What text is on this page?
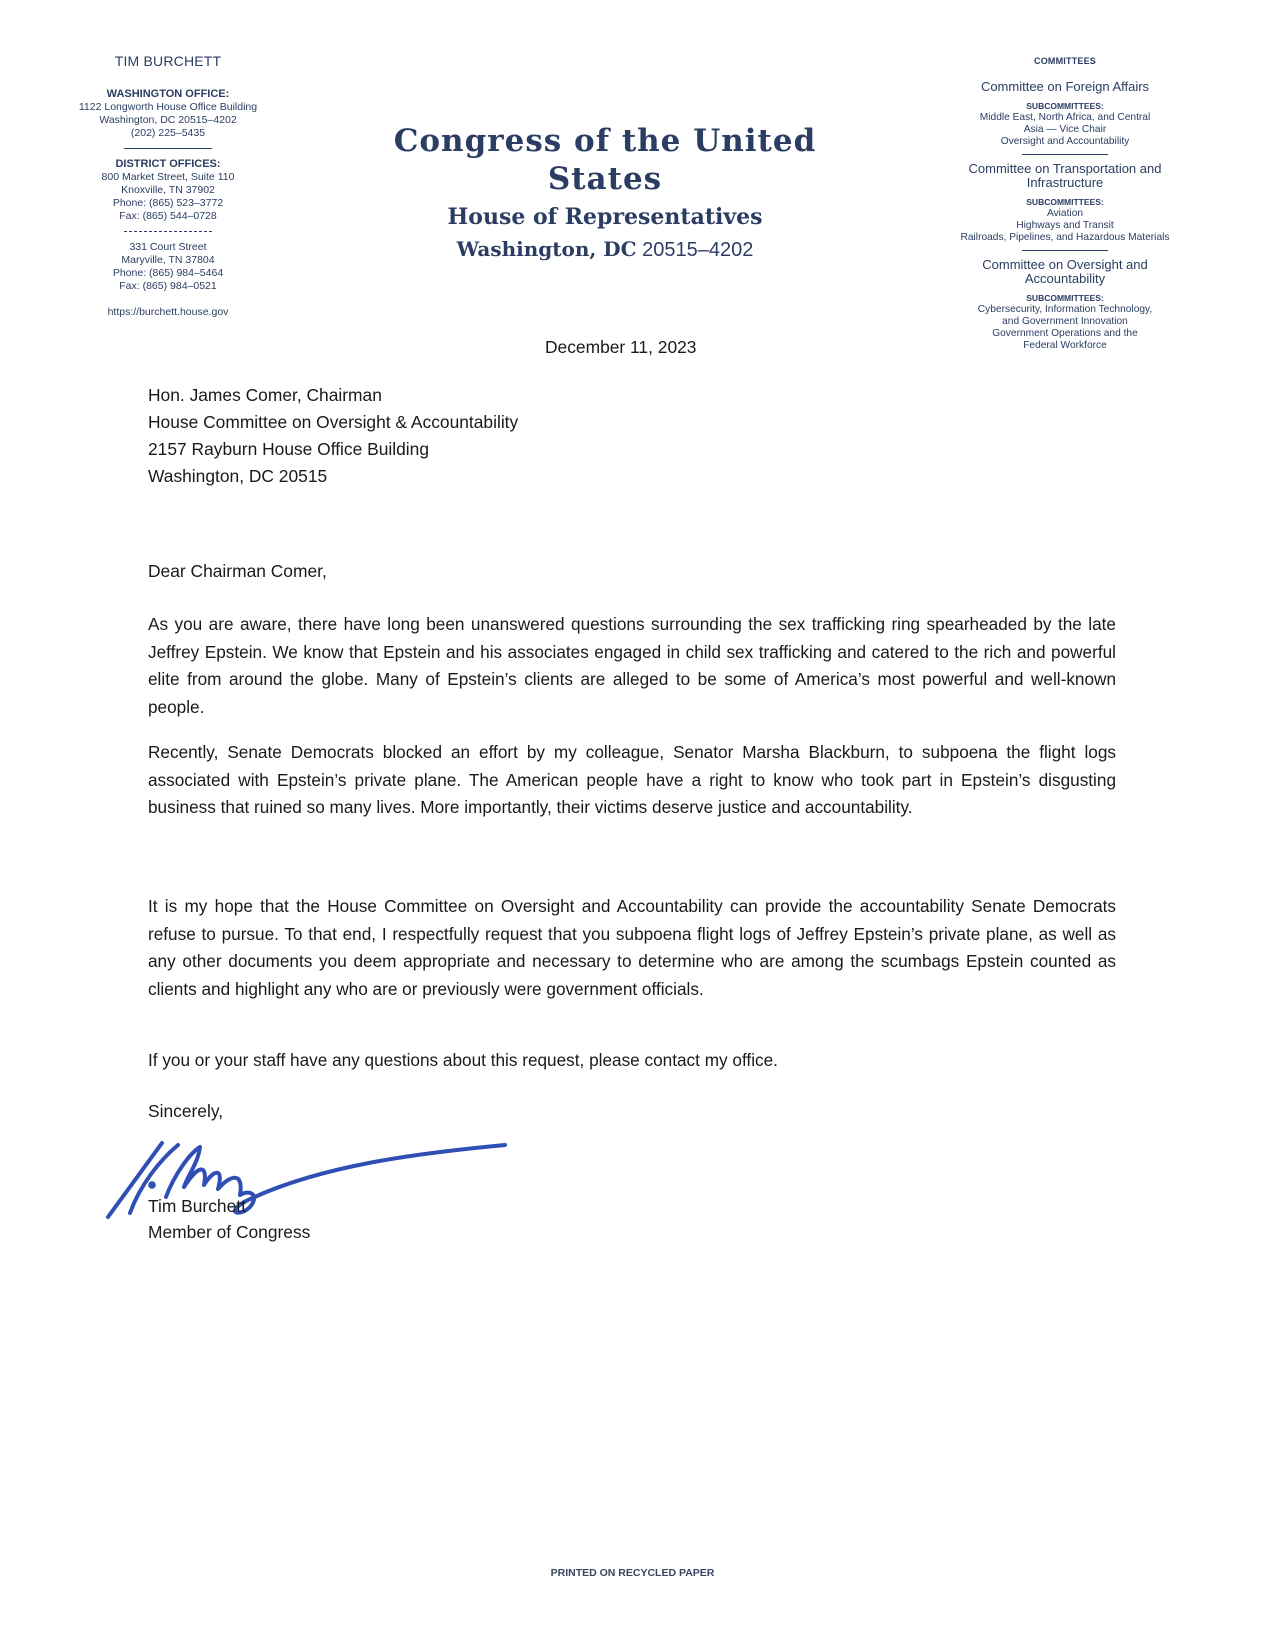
TIM BURCHETT
WASHINGTON OFFICE:
1122 Longworth House Office Building
Washington, DC 20515–4202
(202) 225–5435
DISTRICT OFFICES:
800 Market Street, Suite 110
Knoxville, TN 37902
Phone: (865) 523–3772
Fax: (865) 544–0728
331 Court Street
Maryville, TN 37804
Phone: (865) 984–5464
Fax: (865) 984–0521
https://burchett.house.gov
Congress of the United States
House of Representatives
Washington, DC 20515–4202
COMMITTEES
Committee on Foreign Affairs
SUBCOMMITTEES:
Middle East, North Africa, and Central
Asia — Vice Chair
Oversight and Accountability
Committee on Transportation and Infrastructure
SUBCOMMITTEES:
Aviation
Highways and Transit
Railroads, Pipelines, and Hazardous Materials
Committee on Oversight and Accountability
SUBCOMMITTEES:
Cybersecurity, Information Technology,
and Government Innovation
Government Operations and the
Federal Workforce
December 11, 2023
Hon. James Comer, Chairman
House Committee on Oversight & Accountability
2157 Rayburn House Office Building
Washington, DC 20515
Dear Chairman Comer,

As you are aware, there have long been unanswered questions surrounding the sex trafficking ring spearheaded by the late Jeffrey Epstein. We know that Epstein and his associates engaged in child sex trafficking and catered to the rich and powerful elite from around the globe. Many of Epstein’s clients are alleged to be some of America’s most powerful and well-known people.

Recently, Senate Democrats blocked an effort by my colleague, Senator Marsha Blackburn, to subpoena the flight logs associated with Epstein’s private plane. The American people have a right to know who took part in Epstein’s disgusting business that ruined so many lives. More importantly, their victims deserve justice and accountability.

It is my hope that the House Committee on Oversight and Accountability can provide the accountability Senate Democrats refuse to pursue. To that end, I respectfully request that you subpoena flight logs of Jeffrey Epstein’s private plane, as well as any other documents you deem appropriate and necessary to determine who are among the scumbags Epstein counted as clients and highlight any who are or previously were government officials.

If you or your staff have any questions about this request, please contact my office.

Sincerely,
Tim Burchett
Member of Congress
PRINTED ON RECYCLED PAPER
